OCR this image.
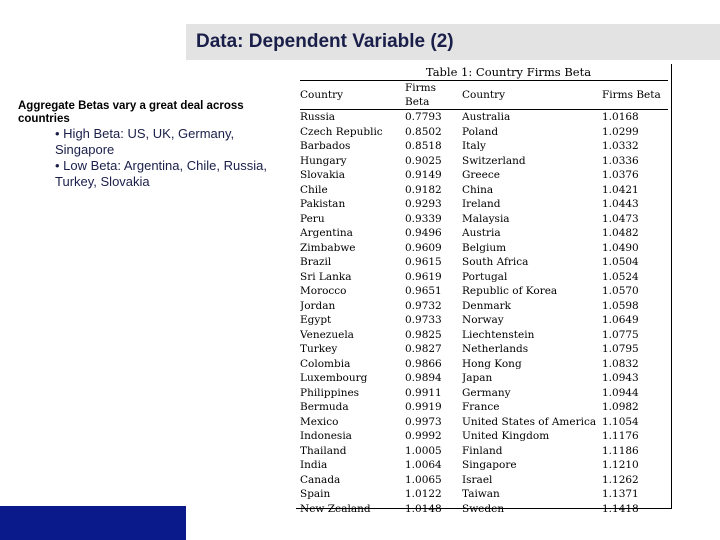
Data: Dependent Variable (2)
Aggregate Betas vary a great deal across countries
• High Beta: US, UK, Germany, Singapore
• Low Beta: Argentina, Chile, Russia, Turkey, Slovakia
Table 1: Country Firms Beta
Country	Firms Beta	Country	Firms Beta
Russia	0.7793	Australia	1.0168
Czech Republic	0.8502	Poland	1.0299
Barbados	0.8518	Italy	1.0332
Hungary	0.9025	Switzerland	1.0336
Slovakia	0.9149	Greece	1.0376
Chile	0.9182	China	1.0421
Pakistan	0.9293	Ireland	1.0443
Peru	0.9339	Malaysia	1.0473
Argentina	0.9496	Austria	1.0482
Zimbabwe	0.9609	Belgium	1.0490
Brazil	0.9615	South Africa	1.0504
Sri Lanka	0.9619	Portugal	1.0524
Morocco	0.9651	Republic of Korea	1.0570
Jordan	0.9732	Denmark	1.0598
Egypt	0.9733	Norway	1.0649
Venezuela	0.9825	Liechtenstein	1.0775
Turkey	0.9827	Netherlands	1.0795
Colombia	0.9866	Hong Kong	1.0832
Luxembourg	0.9894	Japan	1.0943
Philippines	0.9911	Germany	1.0944
Bermuda	0.9919	France	1.0982
Mexico	0.9973	United States of America	1.1054
Indonesia	0.9992	United Kingdom	1.1176
Thailand	1.0005	Finland	1.1186
India	1.0064	Singapore	1.1210
Canada	1.0065	Israel	1.1262
Spain	1.0122	Taiwan	1.1371
New Zealand	1.0148	Sweden	1.1418
